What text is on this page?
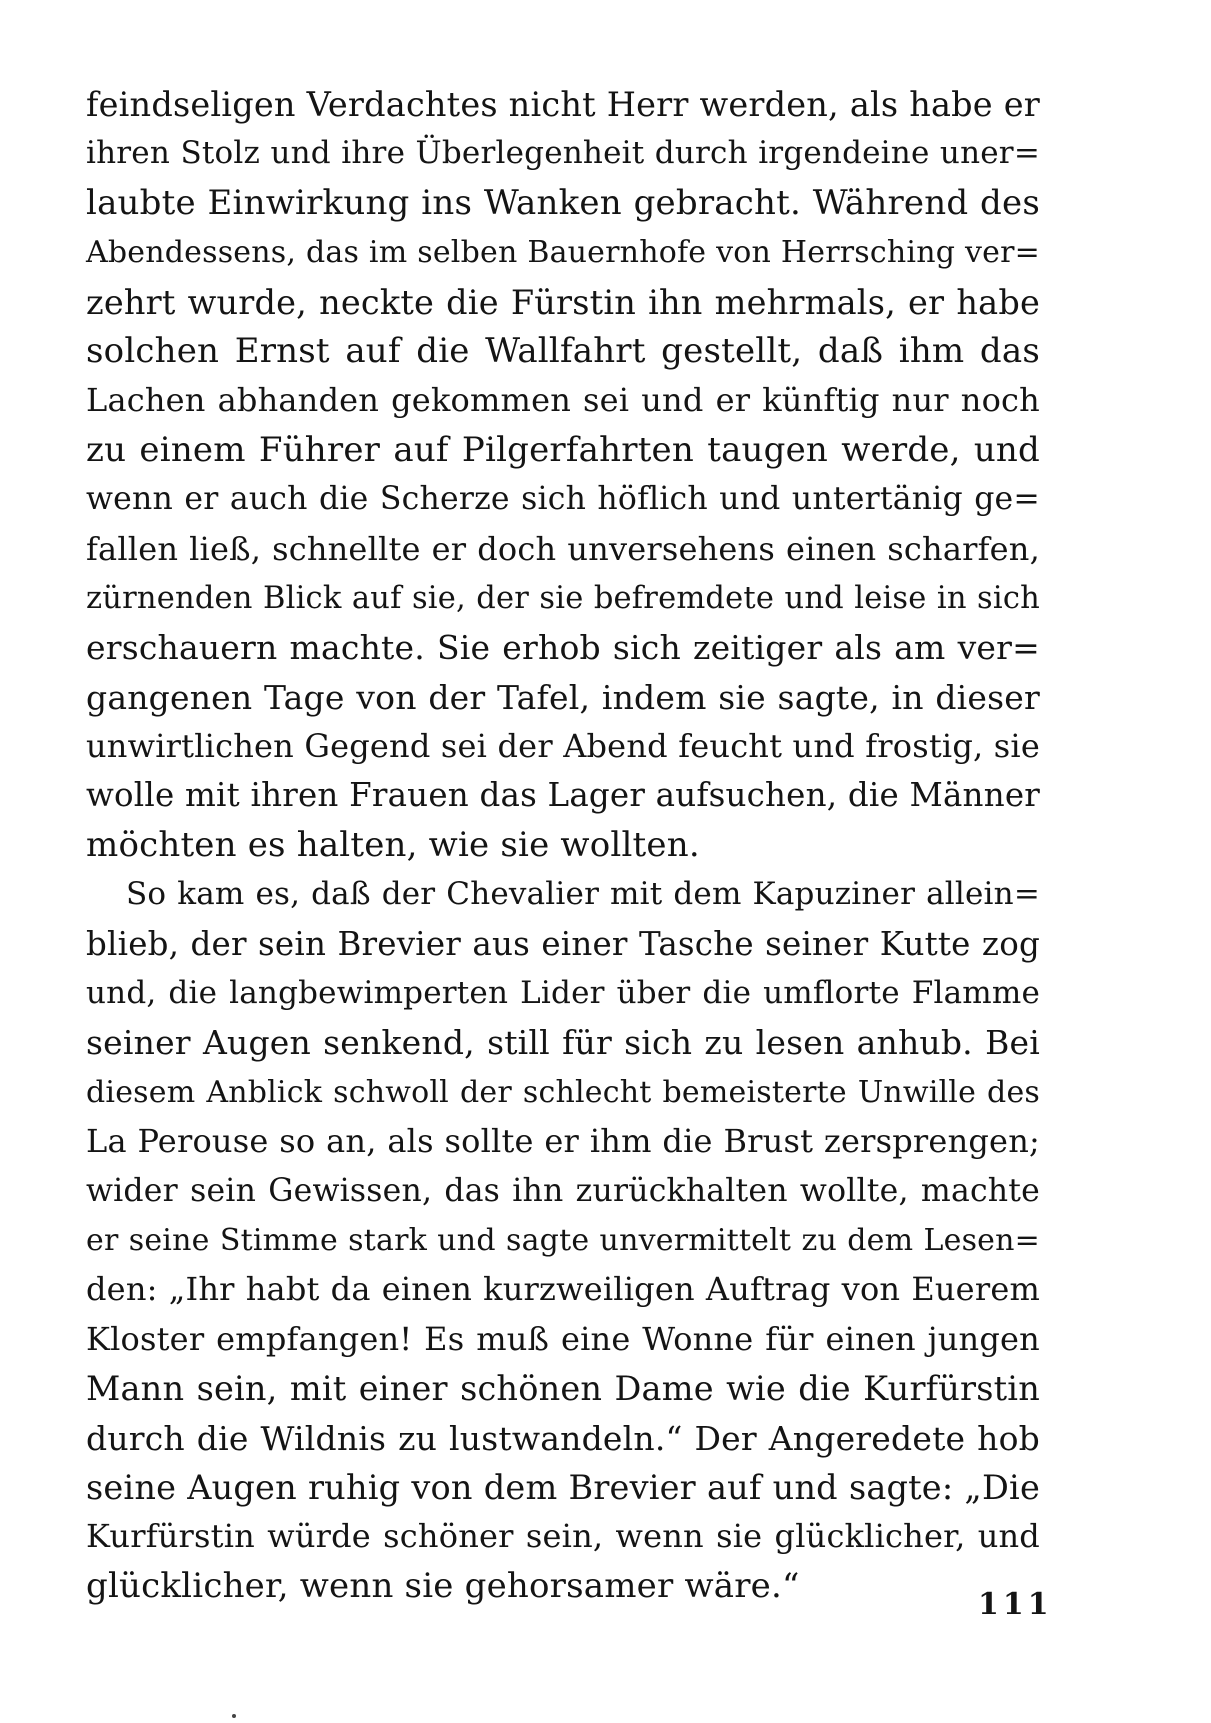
feindseligen Verdachtes nicht Herr werden, als habe er
ihren Stolz und ihre Überlegenheit durch irgendeine uner=
laubte Einwirkung ins Wanken gebracht. Während des
Abendessens, das im selben Bauernhofe von Herrsching ver=
zehrt wurde, neckte die Fürstin ihn mehrmals, er habe
solchen Ernst auf die Wallfahrt gestellt, daß ihm das
Lachen abhanden gekommen sei und er künftig nur noch
zu einem Führer auf Pilgerfahrten taugen werde, und
wenn er auch die Scherze sich höflich und untertänig ge=
fallen ließ, schnellte er doch unversehens einen scharfen,
zürnenden Blick auf sie, der sie befremdete und leise in sich
erschauern machte. Sie erhob sich zeitiger als am ver=
gangenen Tage von der Tafel, indem sie sagte, in dieser
unwirtlichen Gegend sei der Abend feucht und frostig, sie
wolle mit ihren Frauen das Lager aufsuchen, die Männer
möchten es halten, wie sie wollten.
So kam es, daß der Chevalier mit dem Kapuziner allein=
blieb, der sein Brevier aus einer Tasche seiner Kutte zog
und, die langbewimperten Lider über die umflorte Flamme
seiner Augen senkend, still für sich zu lesen anhub. Bei
diesem Anblick schwoll der schlecht bemeisterte Unwille des
La Perouse so an, als sollte er ihm die Brust zersprengen;
wider sein Gewissen, das ihn zurückhalten wollte, machte
er seine Stimme stark und sagte unvermittelt zu dem Lesen=
den: „Ihr habt da einen kurzweiligen Auftrag von Euerem
Kloster empfangen! Es muß eine Wonne für einen jungen
Mann sein, mit einer schönen Dame wie die Kurfürstin
durch die Wildnis zu lustwandeln.“ Der Angeredete hob
seine Augen ruhig von dem Brevier auf und sagte: „Die
Kurfürstin würde schöner sein, wenn sie glücklicher, und
glücklicher, wenn sie gehorsamer wäre.“	111
